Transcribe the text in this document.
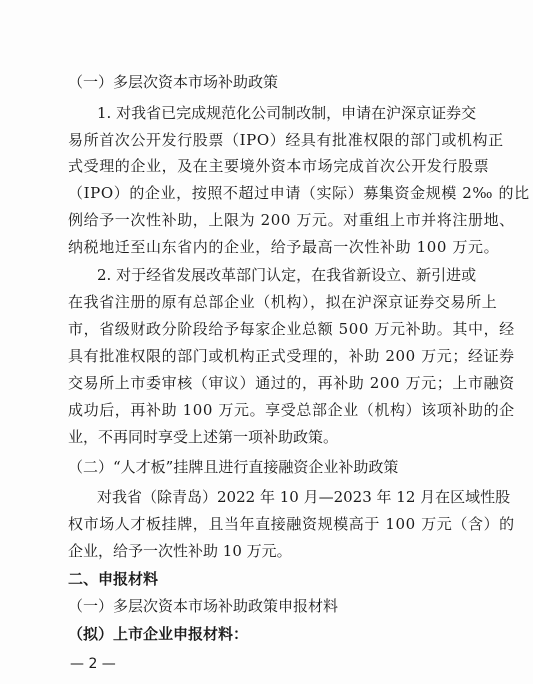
（一）多层次资本市场补助政策
1. 对我省已完成规范化公司制改制，申请在沪深京证券交
易所首次公开发行股票（IPO）经具有批准权限的部门或机构正
式受理的企业，及在主要境外资本市场完成首次公开发行股票
（IPO）的企业，按照不超过申请（实际）募集资金规模 2‰ 的比
例给予一次性补助，上限为 200 万元。对重组上市并将注册地、
纳税地迁至山东省内的企业，给予最高一次性补助 100 万元。
2. 对于经省发展改革部门认定，在我省新设立、新引进或
在我省注册的原有总部企业（机构），拟在沪深京证券交易所上
市，省级财政分阶段给予每家企业总额 500 万元补助。其中，经
具有批准权限的部门或机构正式受理的，补助 200 万元；经证券
交易所上市委审核（审议）通过的，再补助 200 万元；上市融资
成功后，再补助 100 万元。享受总部企业（机构）该项补助的企
业，不再同时享受上述第一项补助政策。
（二）“人才板”挂牌且进行直接融资企业补助政策
对我省（除青岛）2022 年 10 月—2023 年 12 月在区域性股
权市场人才板挂牌，且当年直接融资规模高于 100 万元（含）的
企业，给予一次性补助 10 万元。
二、申报材料
（一）多层次资本市场补助政策申报材料
（拟）上市企业申报材料：
— 2 —
